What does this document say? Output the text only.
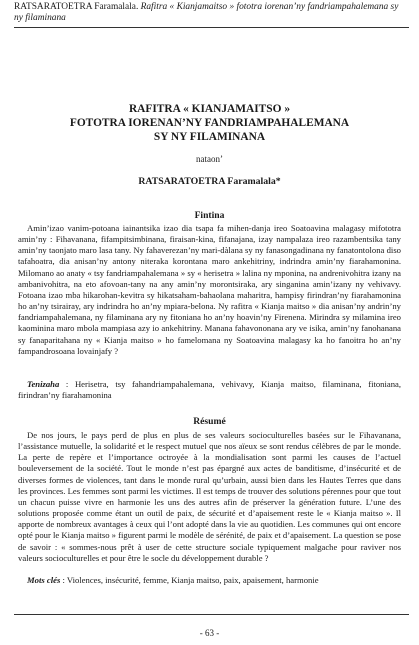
RATSARATOETRA Faramalala. Rafitra « Kianjamaitso » fototra iorenan’ny fandriampahalemana sy ny filaminana
RAFITRA « KIANJAMAITSO »
FOTOTRA IORENAN’NY FANDRIAMPAHALEMANA
SY NY FILAMINANA
nataon’
RATSARATOETRA Faramalala*
Fintina

Amin’izao vanim-potoana iainantsika izao dia tsapa fa mihen-danja ireo Soatoavina malagasy mifototra amin’ny : Fihavanana, fifampitsimbinana, firaisan-kina, fifanajana, izay nampalaza ireo razambentsika tany amin’ny taonjato maro lasa tany. Ny fahaverezan’ny mari-dàlana sy ny fanasongadinana ny fanatontolona diso tafahoatra, dia anisan’ny antony niteraka korontana maro ankehitriny, indrindra amin’ny fiarahamonina. Milomano ao anaty « tsy fandriampahalemana » sy « herisetra » lalina ny mponina, na andrenivohitra izany na ambanivohitra, na eto afovoan-tany na any amin’ny morontsiraka, ary singanina amin’izany ny vehivavy. Fotoana izao mba hikarohan-kevitra sy hikatsaham-bahaolana maharitra, hampisy firindran’ny fiarahamonina ho an’ny tsirairay, ary indrindra ho an’ny mpiara-belona. Ny rafitra « Kianja maitso » dia anisan’ny andrin’ny fandriampahalemana, ny filaminana ary ny fitoniana ho an’ny hoavin’ny Firenena. Mirindra sy milamina ireo kaominina maro mbola mampiasa azy io ankehitriny. Manana fahavononana ary ve isika, amin’ny fanohanana sy fanaparitahana ny « Kianja maitso » ho famelomana ny Soatoavina malagasy ka ho fanoitra ho an’ny fampandrosoana lovainjafy ?

Tenizaha : Herisetra, tsy fahandriampahalemana, vehivavy, Kianja maitso, filaminana, fitoniana, firindran’ny fiarahamonina

Résumé

De nos jours, le pays perd de plus en plus de ses valeurs socioculturelles basées sur le Fihavanana, l’assistance mutuelle, la solidarité et le respect mutuel que nos aïeux se sont rendus célèbres de par le monde. La perte de repère et l’importance octroyée à la mondialisation sont parmi les causes de l’actuel bouleversement de la société. Tout le monde n’est pas épargné aux actes de banditisme, d’insécurité et de diverses formes de violences, tant dans le monde rural qu’urbain, aussi bien dans les Hautes Terres que dans les provinces. Les femmes sont parmi les victimes. Il est temps de trouver des solutions pérennes pour que tout un chacun puisse vivre en harmonie les uns des autres afin de préserver la génération future. L’une des solutions proposée comme étant un outil de paix, de sécurité et d’apaisement reste le « Kianja maitso ». Il apporte de nombreux avantages à ceux qui l’ont adopté dans la vie au quotidien. Les communes qui ont encore opté pour le Kianja maitso » figurent parmi le modèle de sérénité, de paix et d’apaisement. La question se pose de savoir : « sommes-nous prêt à user de cette structure sociale typiquement malgache pour raviver nos valeurs socioculturelles et pour être le socle du développement durable ?

Mots clés : Violences, insécurité, femme, Kianja maitso, paix, apaisement, harmonie

- 63 -
